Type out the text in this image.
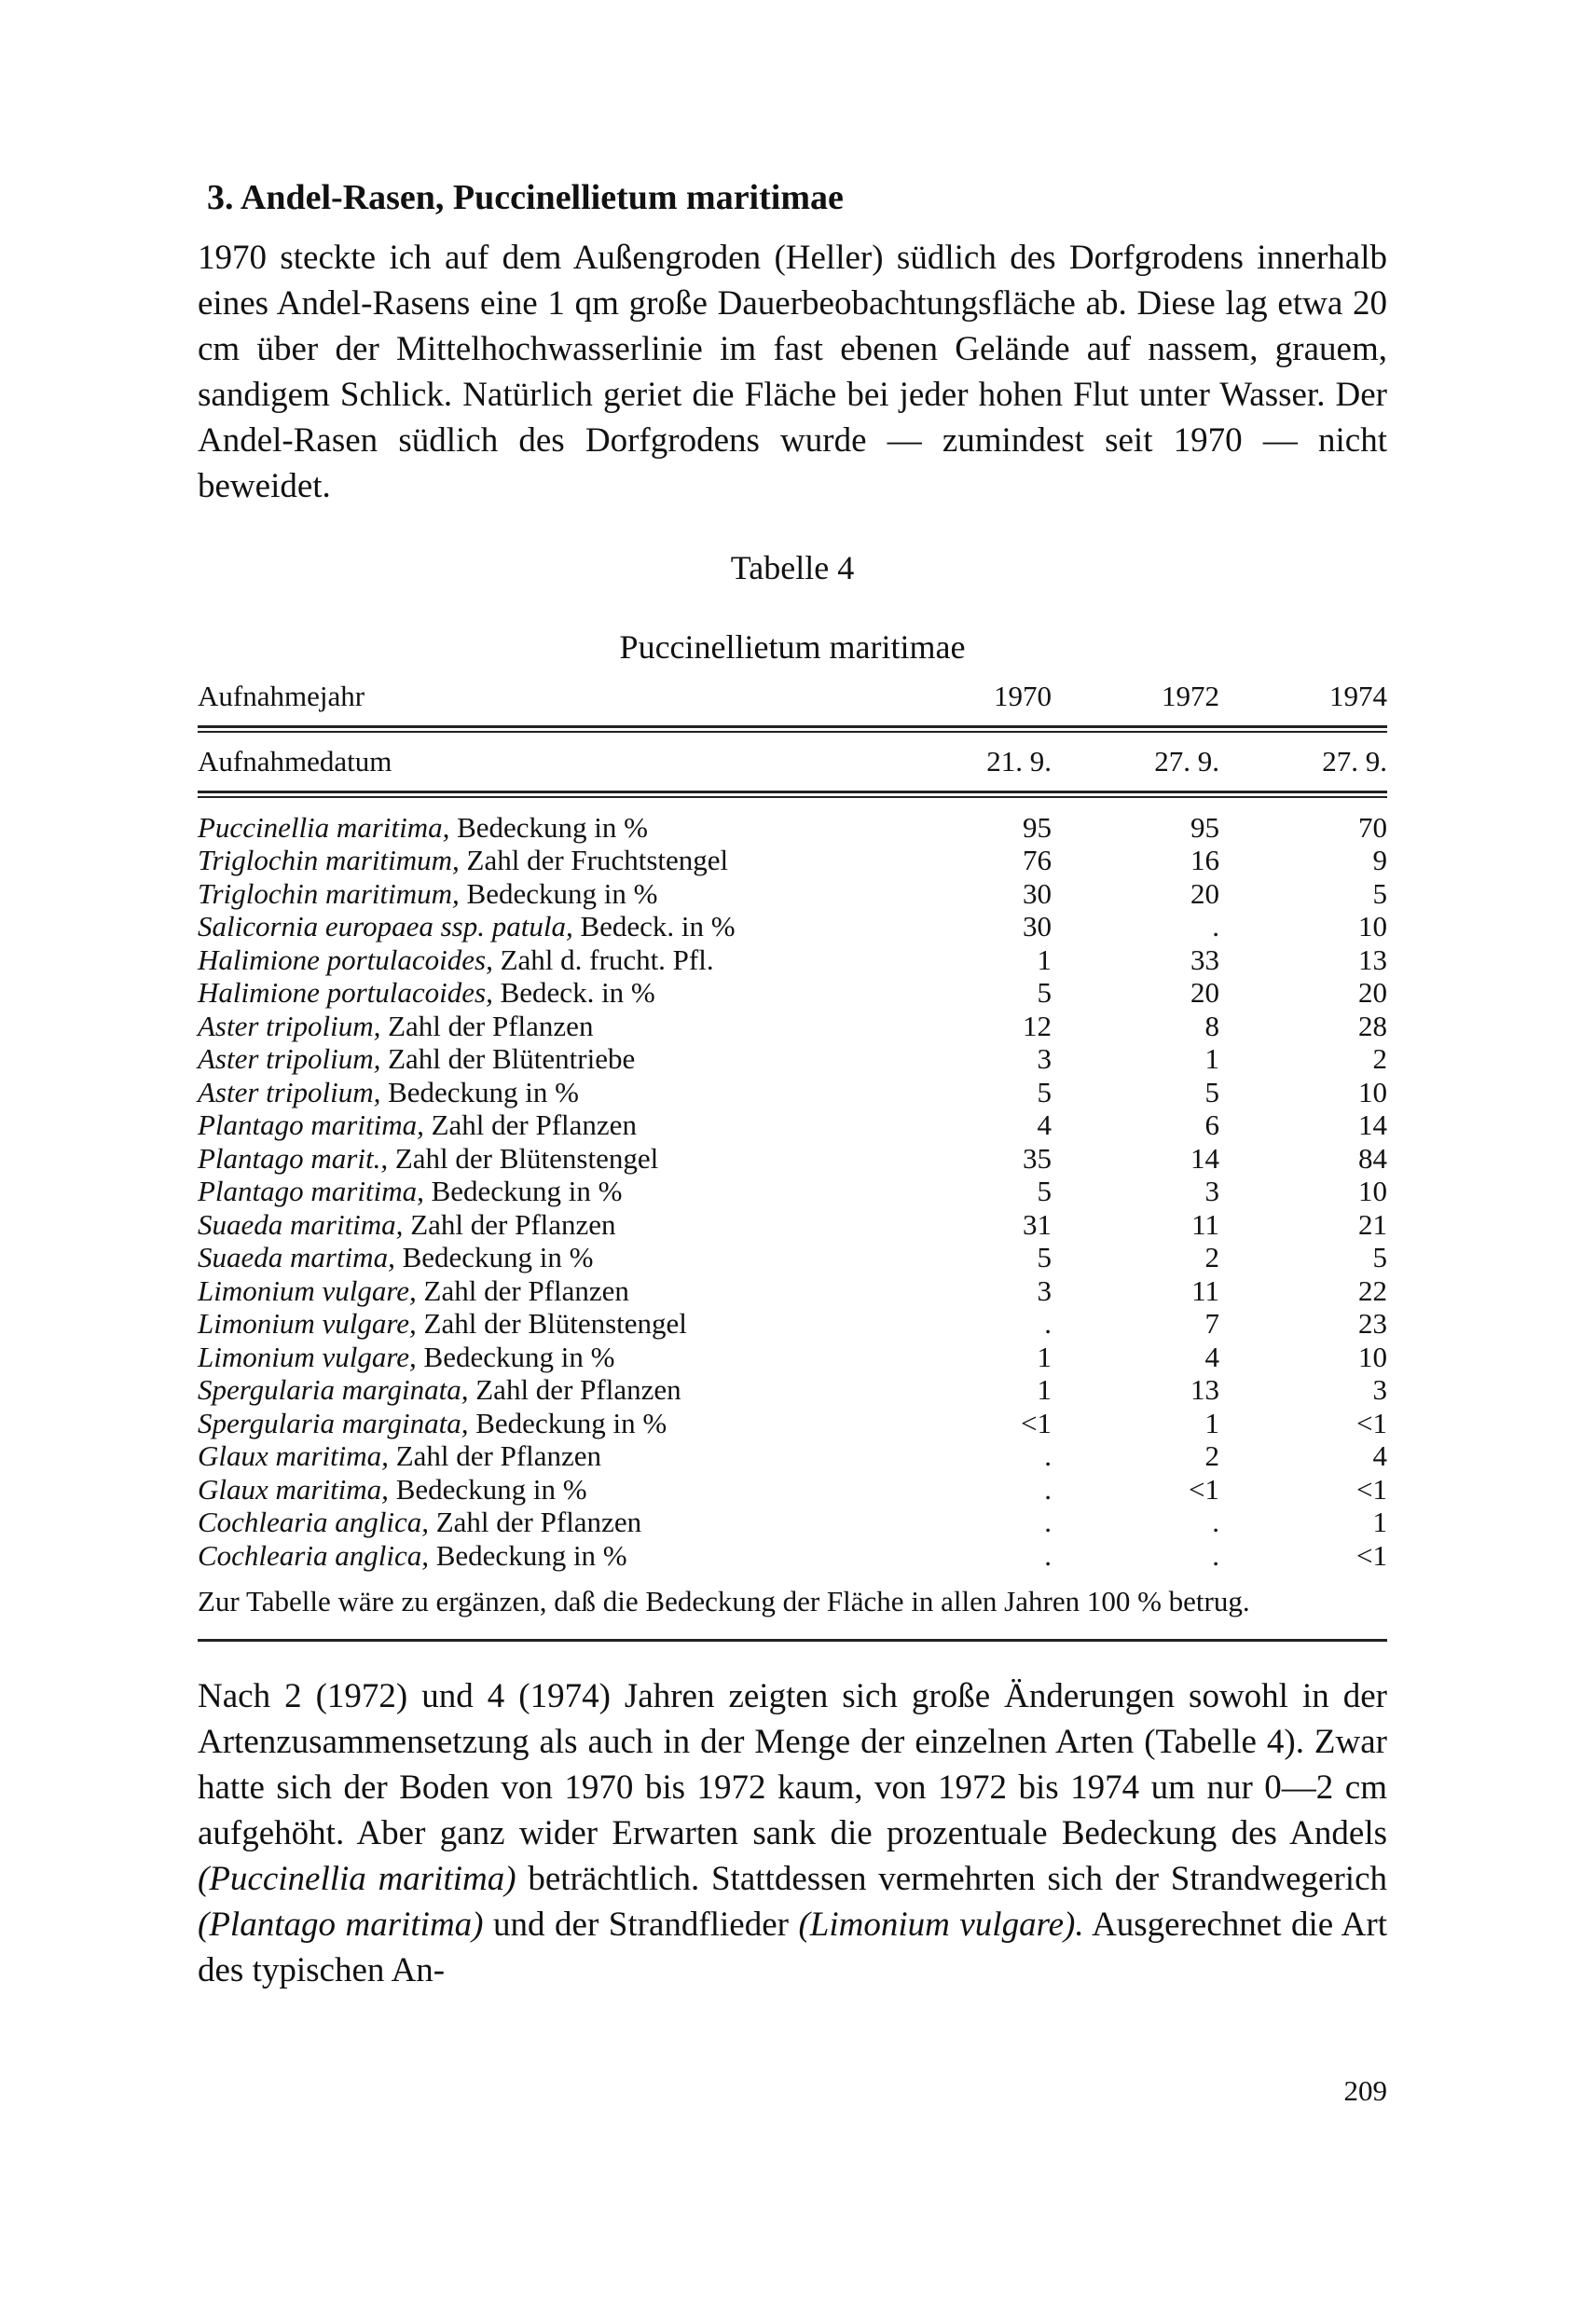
3. Andel-Rasen, Puccinellietum maritimae

1970 steckte ich auf dem Außengroden (Heller) südlich des Dorfgrodens innerhalb eines Andel-Rasens eine 1 qm große Dauerbeobachtungsfläche ab. Diese lag etwa 20 cm über der Mittelhochwasserlinie im fast ebenen Gelände auf nassem, grauem, sandigem Schlick. Natürlich geriet die Fläche bei jeder hohen Flut unter Wasser. Der Andel-Rasen südlich des Dorfgrodens wurde — zumindest seit 1970 — nicht beweidet.

Tabelle 4
Puccinellietum maritimae
Aufnahmejahr	1970	1972	1974
Aufnahmedatum	21. 9.	27. 9.	27. 9.
Puccinellia maritima, Bedeckung in %	95	95	70
Triglochin maritimum, Zahl der Fruchtstengel	76	16	9
Triglochin maritimum, Bedeckung in %	30	20	5
Salicornia europaea ssp. patula, Bedeck. in %	30	.	10
Halimione portulacoides, Zahl d. frucht. Pfl.	1	33	13
Halimione portulacoides, Bedeck. in %	5	20	20
Aster tripolium, Zahl der Pflanzen	12	8	28
Aster tripolium, Zahl der Blütentriebe	3	1	2
Aster tripolium, Bedeckung in %	5	5	10
Plantago maritima, Zahl der Pflanzen	4	6	14
Plantago marit., Zahl der Blütenstengel	35	14	84
Plantago maritima, Bedeckung in %	5	3	10
Suaeda maritima, Zahl der Pflanzen	31	11	21
Suaeda martima, Bedeckung in %	5	2	5
Limonium vulgare, Zahl der Pflanzen	3	11	22
Limonium vulgare, Zahl der Blütenstengel	.	7	23
Limonium vulgare, Bedeckung in %	1	4	10
Spergularia marginata, Zahl der Pflanzen	1	13	3
Spergularia marginata, Bedeckung in %	<1	1	<1
Glaux maritima, Zahl der Pflanzen	.	2	4
Glaux maritima, Bedeckung in %	.	<1	<1
Cochlearia anglica, Zahl der Pflanzen	.	.	1
Cochlearia anglica, Bedeckung in %	.	.	<1
Zur Tabelle wäre zu ergänzen, daß die Bedeckung der Fläche in allen Jahren 100 % betrug.

Nach 2 (1972) und 4 (1974) Jahren zeigten sich große Änderungen sowohl in der Artenzusammensetzung als auch in der Menge der einzelnen Arten (Tabelle 4). Zwar hatte sich der Boden von 1970 bis 1972 kaum, von 1972 bis 1974 um nur 0—2 cm aufgehöht. Aber ganz wider Erwarten sank die prozentuale Bedeckung des Andels (Puccinellia maritima) beträchtlich. Stattdessen vermehrten sich der Strandwegerich (Plantago maritima) und der Strandflieder (Limonium vulgare). Ausgerechnet die Art des typischen An-

209
